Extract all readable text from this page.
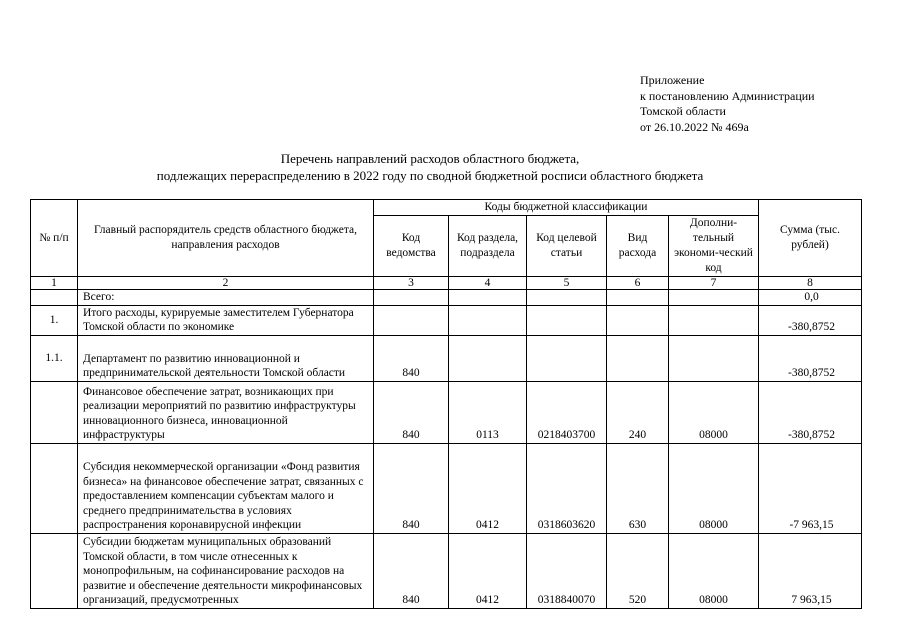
Приложение
к постановлению Администрации
Томской области
от 26.10.2022 № 469а
Перечень направлений расходов областного бюджета,
подлежащих перераспределению в 2022 году по сводной бюджетной росписи областного бюджета
№ п/п	Главный распорядитель средств областного бюджета, направления расходов	Коды бюджетной классификации					Сумма (тыс. рублей)
		Код ведомства	Код раздела, подраздела	Код целевой статьи	Вид расхода	Дополни-тельный экономи-ческий код	
1	2	3	4	5	6	7	8
	Всего:						0,0
1.	Итого расходы, курируемые заместителем Губернатора Томской области по экономике						-380,8752
1.1.	Департамент по развитию инновационной и предпринимательской деятельности Томской области	840					-380,8752
	Финансовое обеспечение затрат, возникающих при реализации мероприятий по развитию инфраструктуры инновационного бизнеса, инновационной инфраструктуры	840	0113	0218403700	240	08000	-380,8752
	Субсидия некоммерческой организации «Фонд развития бизнеса» на финансовое обеспечение затрат, связанных с предоставлением компенсации субъектам малого и среднего предпринимательства в условиях распространения коронавирусной инфекции	840	0412	0318603620	630	08000	-7 963,15
	Субсидии бюджетам муниципальных образований Томской области, в том числе отнесенных к монопрофильным, на софинансирование расходов на развитие и обеспечение деятельности микрофинансовых организаций, предусмотренных	840	0412	0318840070	520	08000	7 963,15
